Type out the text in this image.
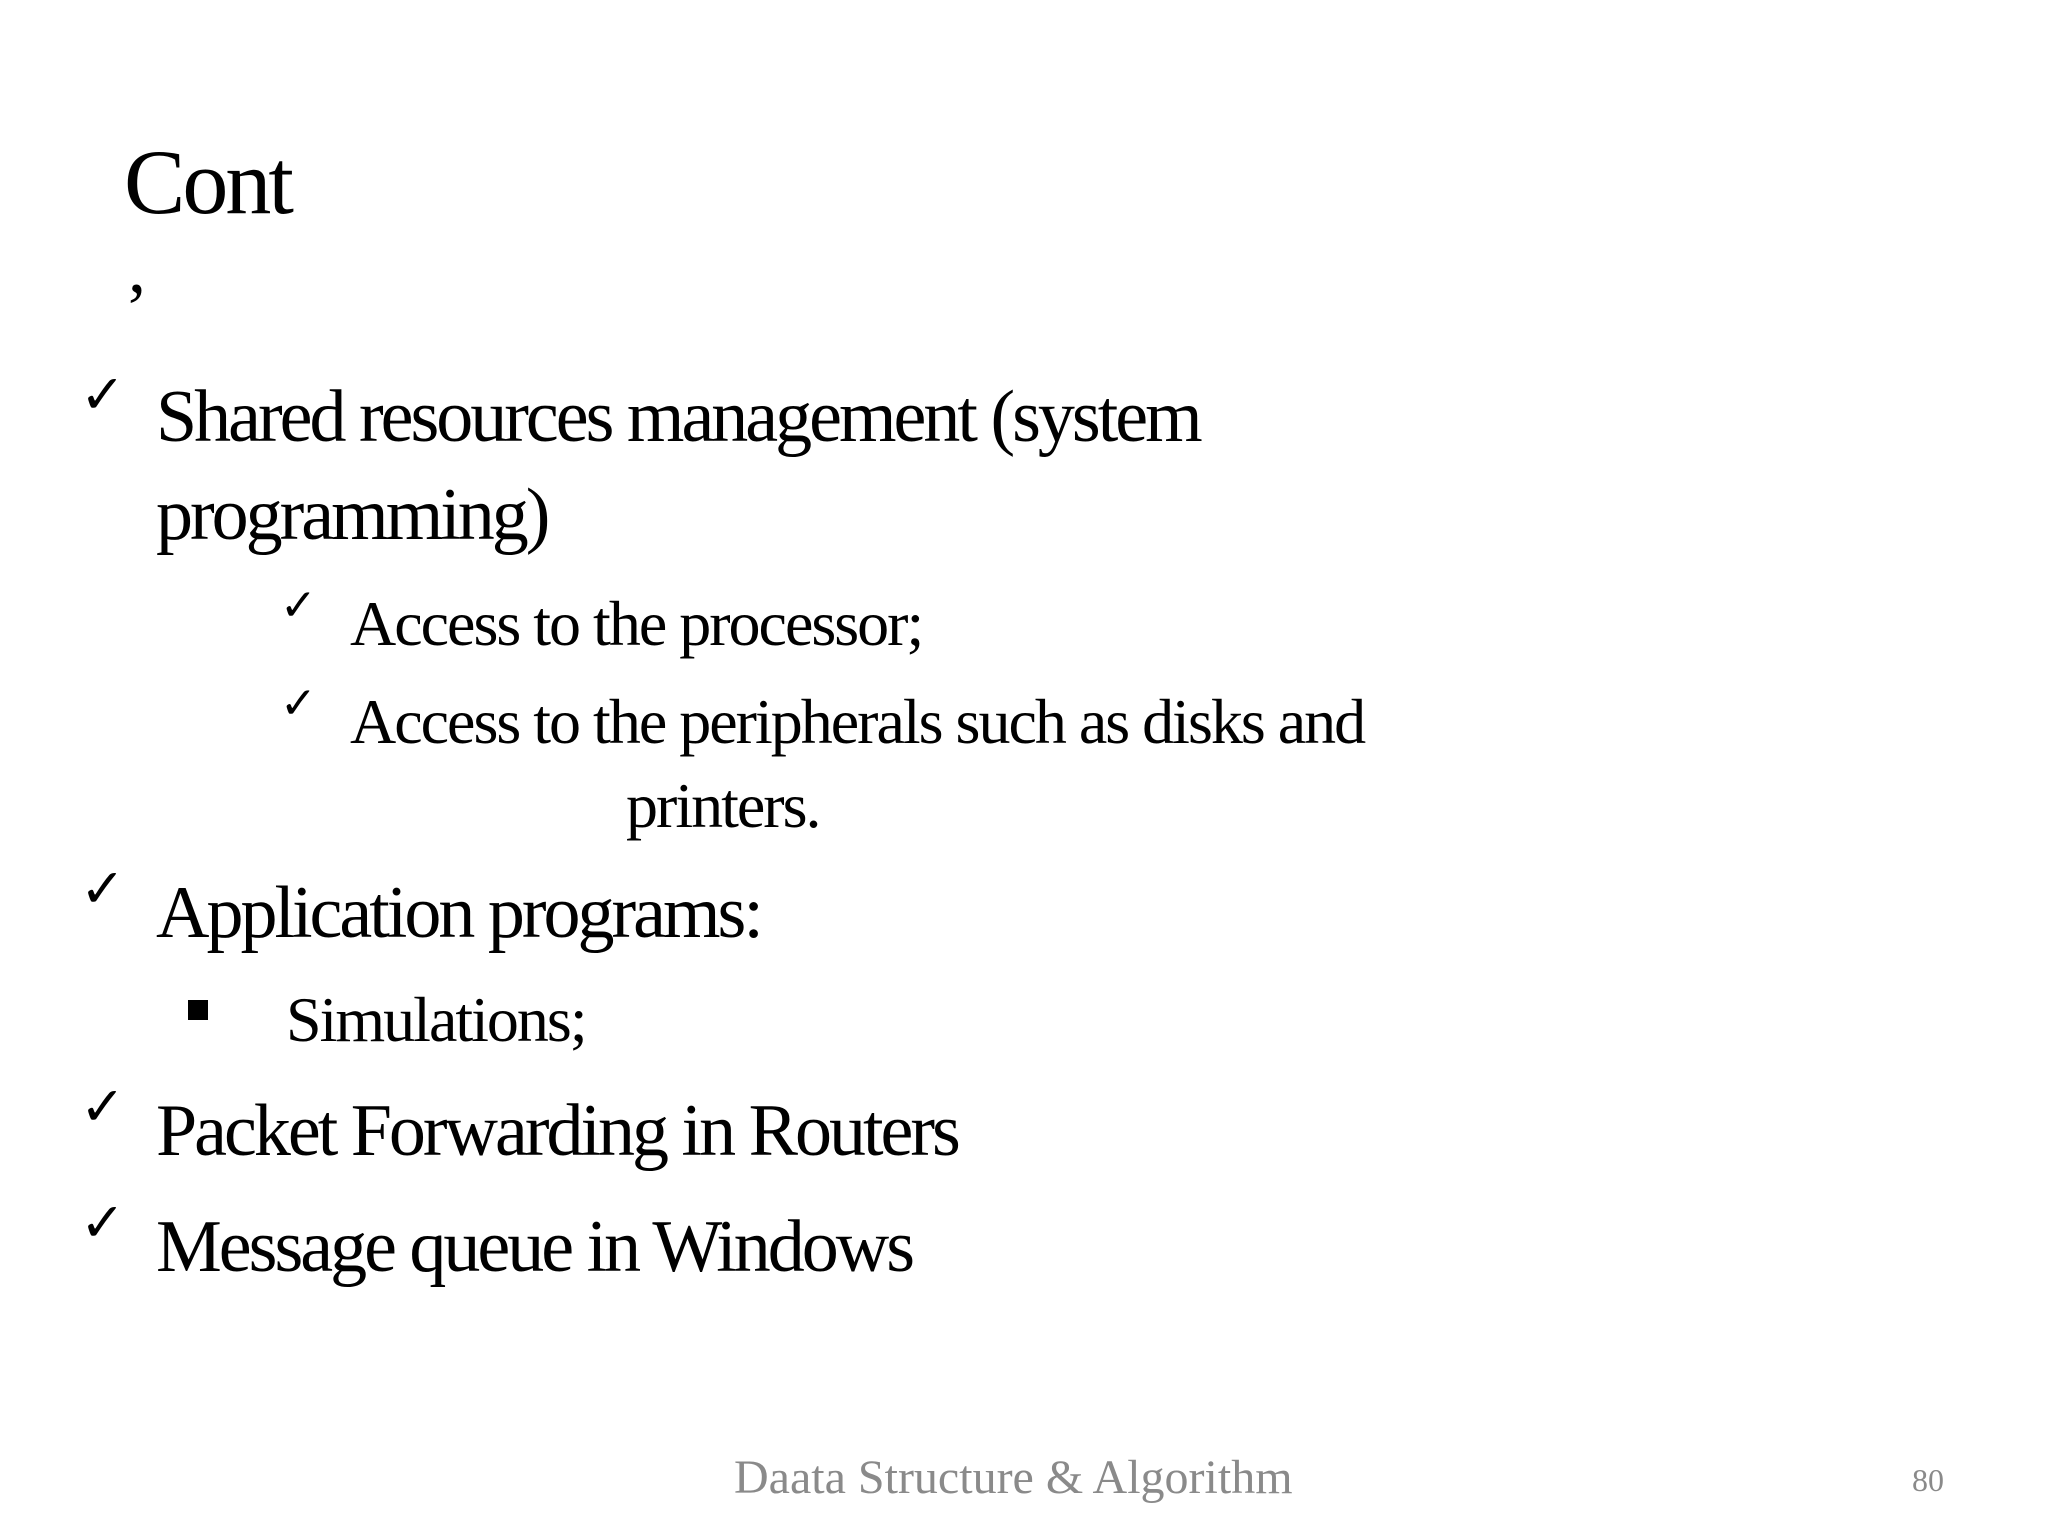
Cont
,
✓ Shared resources management (system
programming)
✓ Access to the processor;
✓ Access to the peripherals such as disks and
printers.
✓ Application programs:
Simulations;
✓ Packet Forwarding in Routers
✓ Message queue in Windows
Daata Structure & Algorithm	80
